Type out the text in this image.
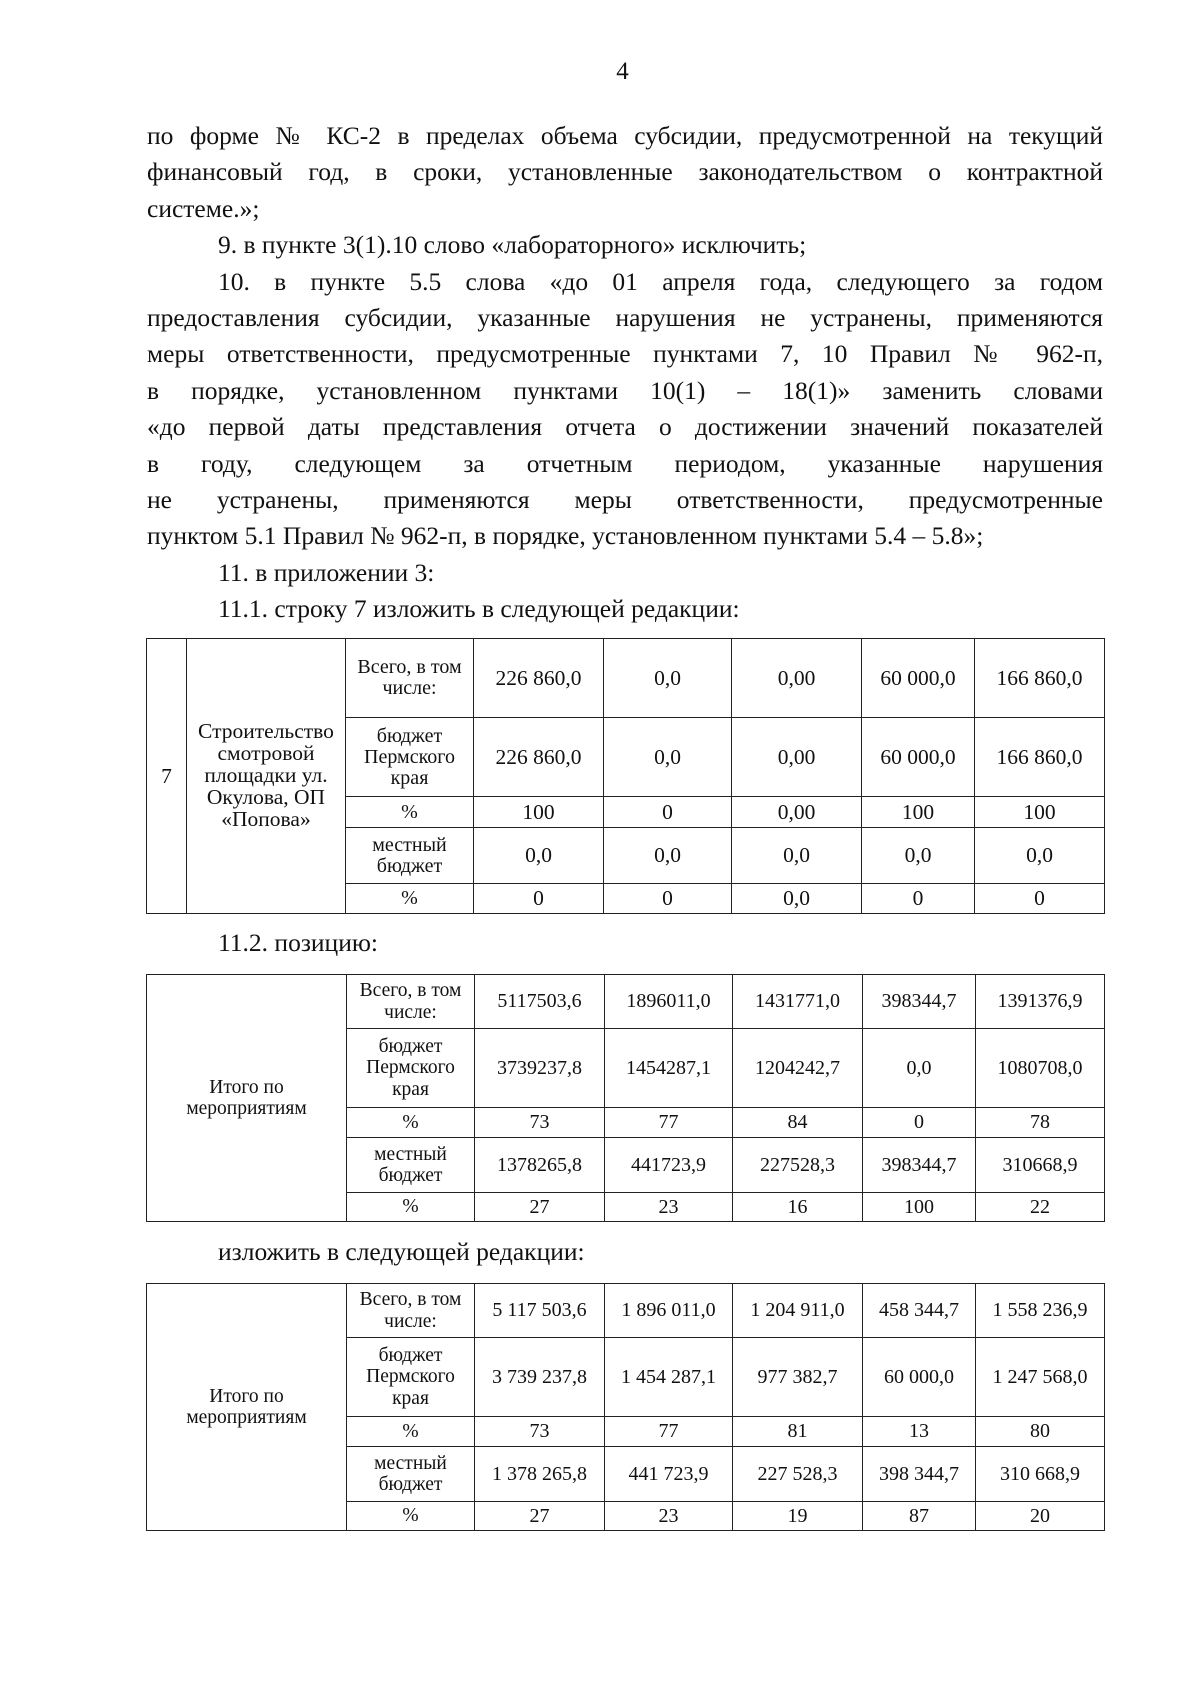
4

по форме № КС-2 в пределах объема субсидии, предусмотренной на текущий

финансовый год, в сроки, установленные законодательством о контрактной

системе.»;

9. в пункте 3(1).10 слово «лабораторного» исключить;

10. в пункте 5.5 слова «до 01 апреля года, следующего за годом

предоставления субсидии, указанные нарушения не устранены, применяются

меры ответственности, предусмотренные пунктами 7, 10 Правил № 962-п,

в порядке, установленном пунктами 10(1) – 18(1)» заменить словами

«до первой даты представления отчета о достижении значений показателей

в году, следующем за отчетным периодом, указанные нарушения

не устранены, применяются меры ответственности, предусмотренные

пунктом 5.1 Правил № 962-п, в порядке, установленном пунктами 5.4 – 5.8»;

11. в приложении 3:

11.1. строку 7 изложить в следующей редакции:

7	Строительство смотровой площадки ул. Окулова, ОП «Попова»	Всего, в том числе:	226 860,0	0,0	0,00	60 000,0	166 860,0
		бюджет Пермского края	226 860,0	0,0	0,00	60 000,0	166 860,0
		%	100	0	0,00	100	100
		местный бюджет	0,0	0,0	0,0	0,0	0,0
		%	0	0	0,0	0	0

11.2. позицию:

Итого по мероприятиям	Всего, в том числе:	5117503,6	1896011,0	1431771,0	398344,7	1391376,9
	бюджет Пермского края	3739237,8	1454287,1	1204242,7	0,0	1080708,0
	%	73	77	84	0	78
	местный бюджет	1378265,8	441723,9	227528,3	398344,7	310668,9
	%	27	23	16	100	22

изложить в следующей редакции:

Итого по мероприятиям	Всего, в том числе:	5 117 503,6	1 896 011,0	1 204 911,0	458 344,7	1 558 236,9
	бюджет Пермского края	3 739 237,8	1 454 287,1	977 382,7	60 000,0	1 247 568,0
	%	73	77	81	13	80
	местный бюджет	1 378 265,8	441 723,9	227 528,3	398 344,7	310 668,9
	%	27	23	19	87	20
